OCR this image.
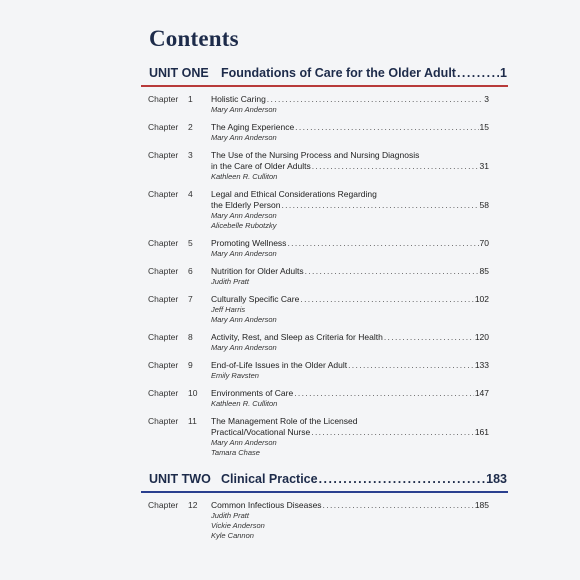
Contents
UNIT ONE Foundations of Care for the Older Adult . . .	1
Chapter 1 Holistic Caring . . .	3
Mary Ann Anderson
Chapter 2 The Aging Experience . . .	15
Mary Ann Anderson
Chapter 3 The Use of the Nursing Process and Nursing Diagnosis
in the Care of Older Adults . . .	31
Kathleen R. Culliton
Chapter 4 Legal and Ethical Considerations Regarding
the Elderly Person . . .	58
Mary Ann Anderson
Alicebelle Rubotzky
Chapter 5 Promoting Wellness . . .	70
Mary Ann Anderson
Chapter 6 Nutrition for Older Adults . . .	85
Judith Pratt
Chapter 7 Culturally Specific Care . . .	102
Jeff Harris
Mary Ann Anderson
Chapter 8 Activity, Rest, and Sleep as Criteria for Health . . .	120
Mary Ann Anderson
Chapter 9 End-of-Life Issues in the Older Adult . . .	133
Emily Ravsten
Chapter 10 Environments of Care . . .	147
Kathleen R. Culliton
Chapter 11 The Management Role of the Licensed
Practical/Vocational Nurse . . .	161
Mary Ann Anderson
Tamara Chase
UNIT TWO Clinical Practice . . .	183
Chapter 12 Common Infectious Diseases . . .	185
Judith Pratt
Vickie Anderson
Kyle Cannon
